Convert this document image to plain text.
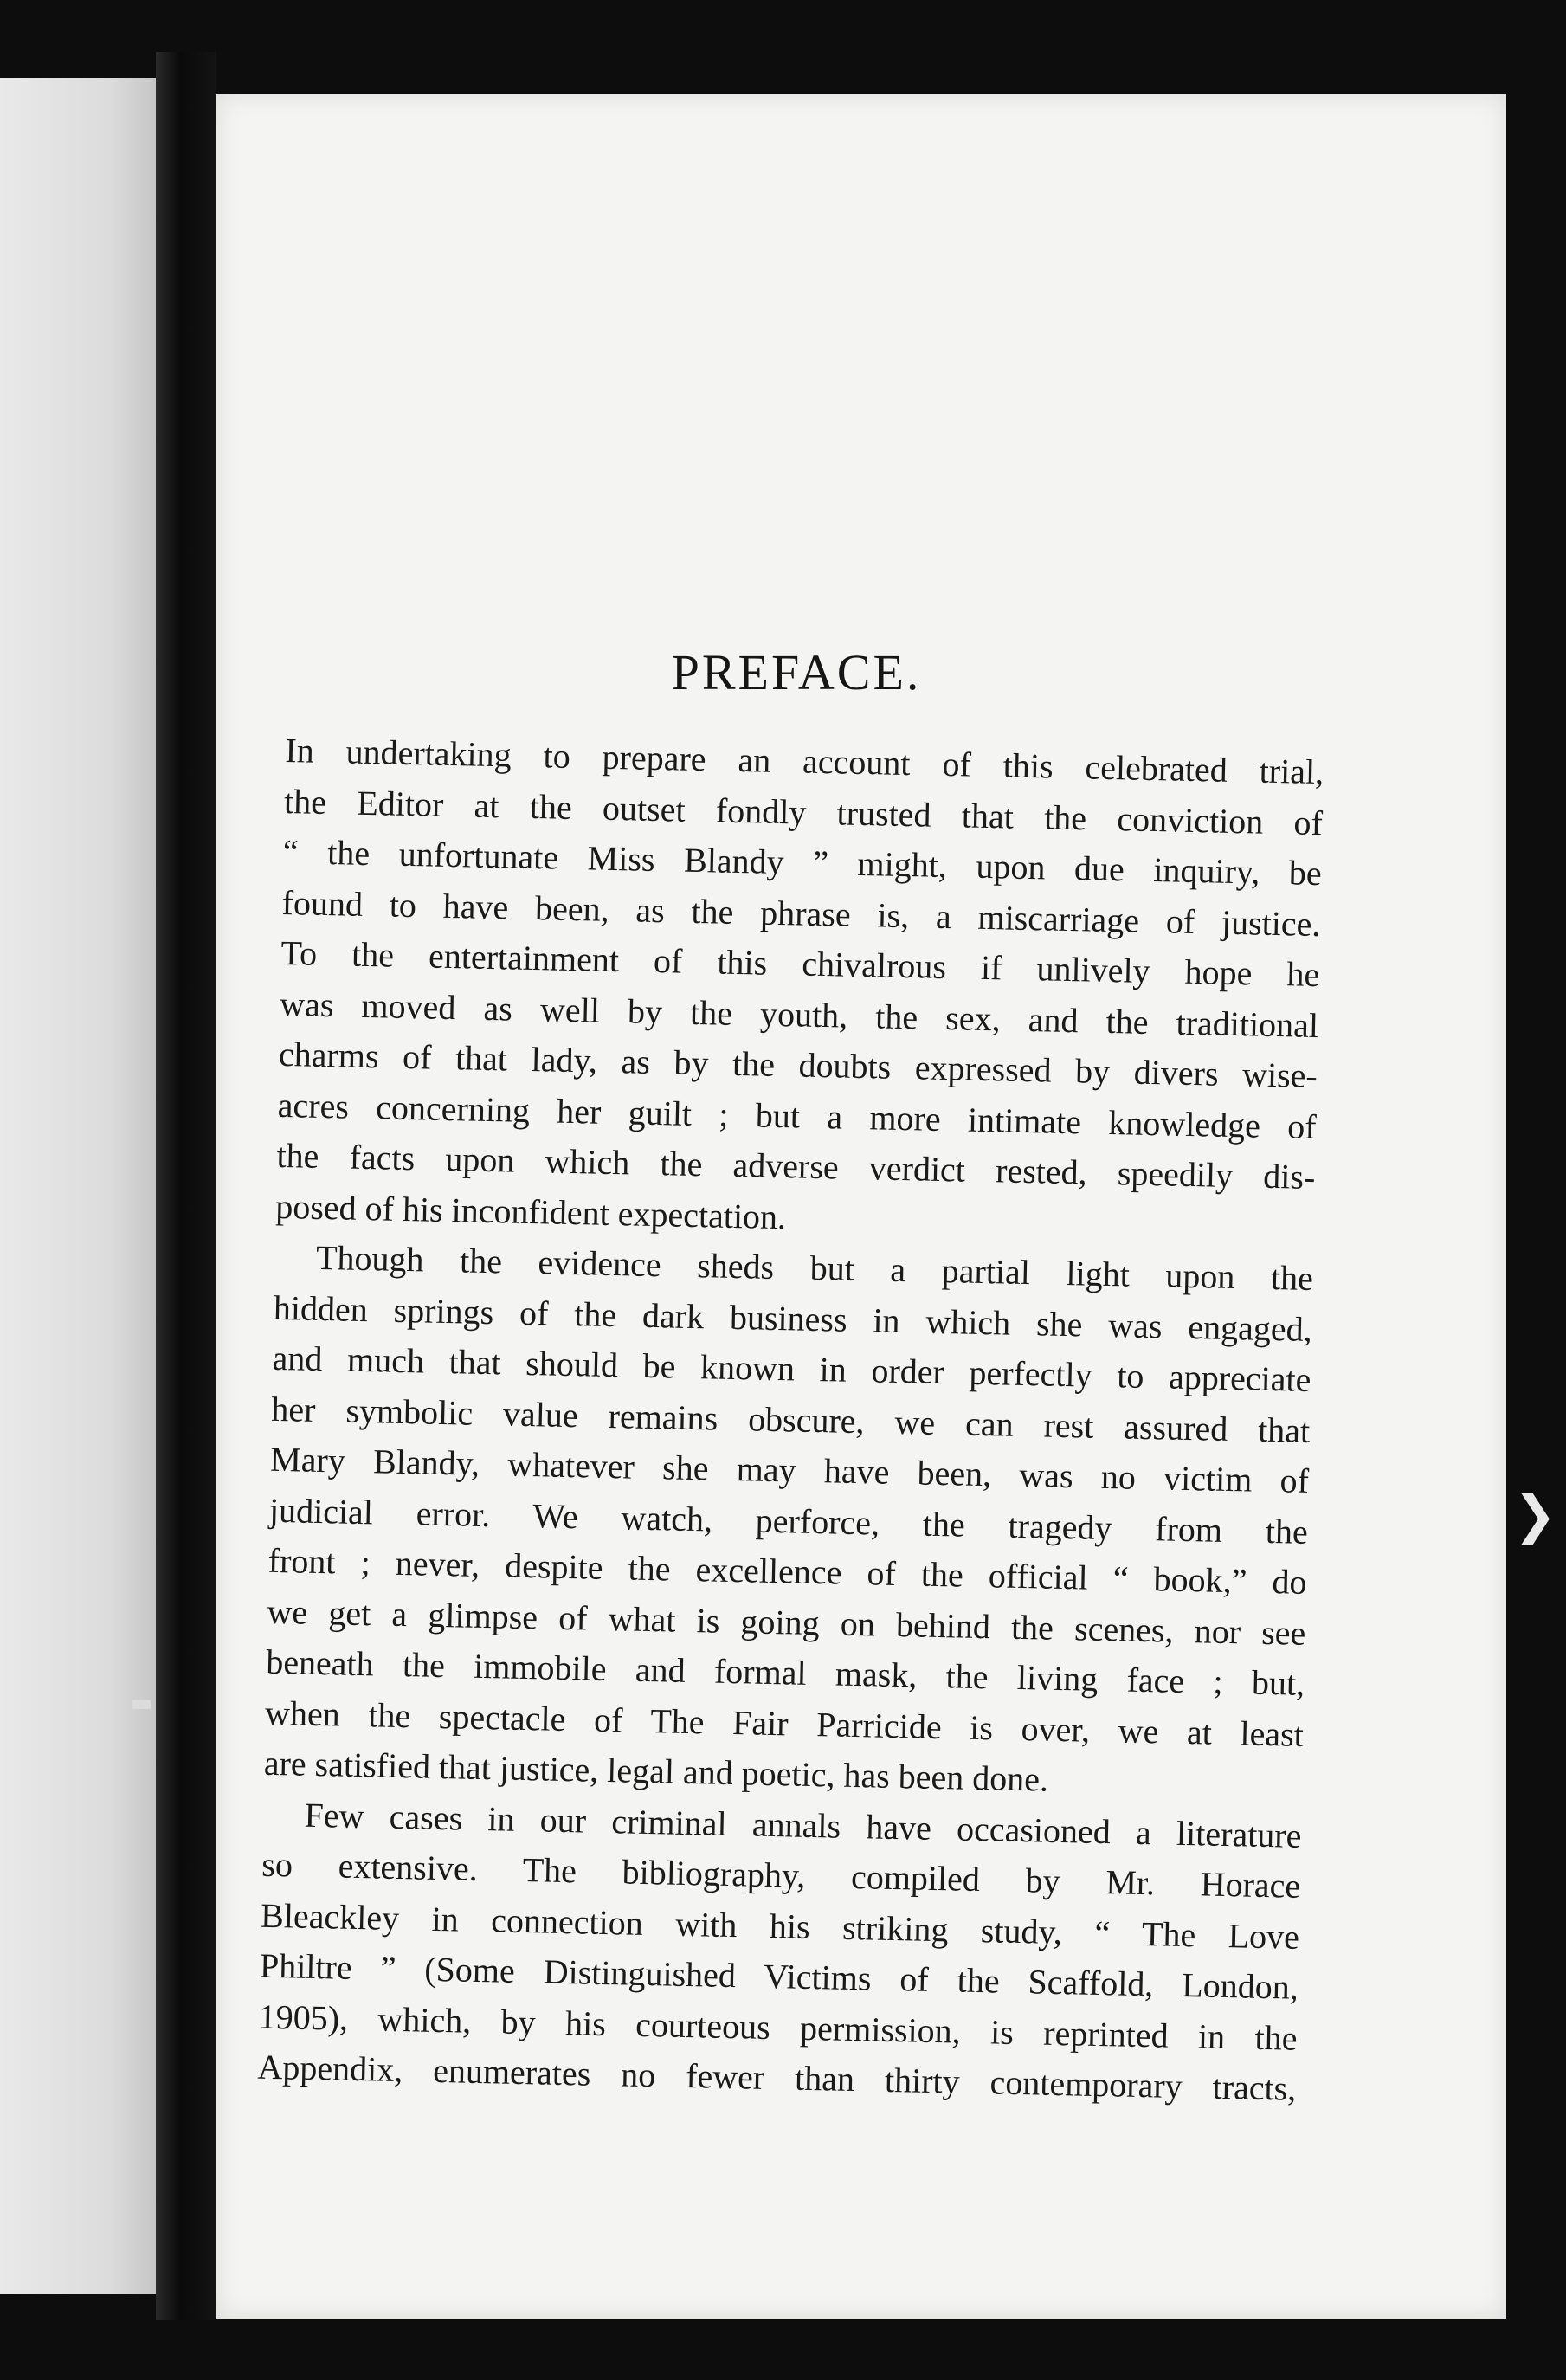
PREFACE.
In undertaking to prepare an account of this celebrated trial,
the Editor at the outset fondly trusted that the conviction of
“ the unfortunate Miss Blandy ” might, upon due inquiry, be
found to have been, as the phrase is, a miscarriage of justice.
To the entertainment of this chivalrous if unlively hope he
was moved as well by the youth, the sex, and the traditional
charms of that lady, as by the doubts expressed by divers wise-
acres concerning her guilt ; but a more intimate knowledge of
the facts upon which the adverse verdict rested, speedily dis-
posed of his inconfident expectation.
Though the evidence sheds but a partial light upon the
hidden springs of the dark business in which she was engaged,
and much that should be known in order perfectly to appreciate
her symbolic value remains obscure, we can rest assured that
Mary Blandy, whatever she may have been, was no victim of
judicial error. We watch, perforce, the tragedy from the
front ; never, despite the excellence of the official “ book,” do
we get a glimpse of what is going on behind the scenes, nor see
beneath the immobile and formal mask, the living face ; but,
when the spectacle of The Fair Parricide is over, we at least
are satisfied that justice, legal and poetic, has been done.
Few cases in our criminal annals have occasioned a literature
so extensive. The bibliography, compiled by Mr. Horace
Bleackley in connection with his striking study, “ The Love
Philtre ” (Some Distinguished Victims of the Scaffold, London,
1905), which, by his courteous permission, is reprinted in the
Appendix, enumerates no fewer than thirty contemporary tracts,
❯
▬
